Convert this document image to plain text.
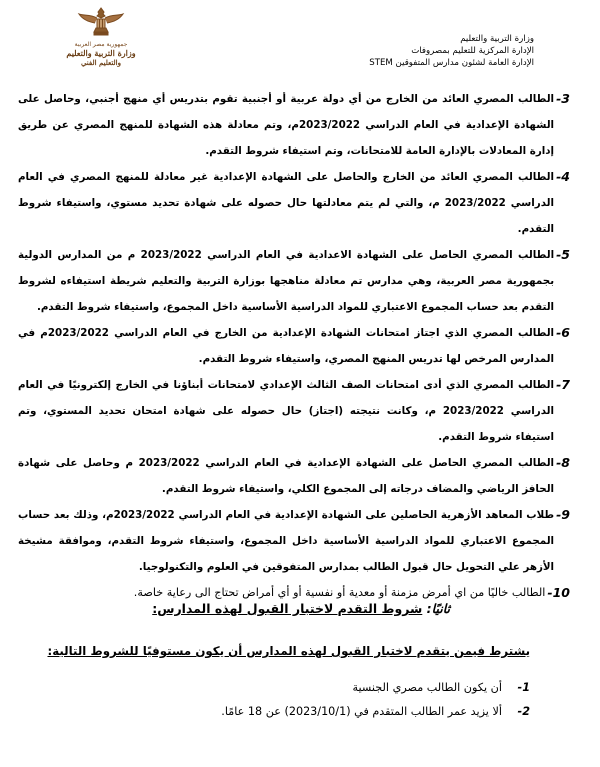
وزارة التربية والتعليم
الإدارة المركزية للتعليم بمصروفات
الإدارة العامة لشئون مدارس المتفوقين STEM
جمهورية مصر العربية
وزارة التربية والتعليم
والتعليم الفني
3-
الطالب المصري العائد من الخارج من أي دولة عربية أو أجنبية تقوم بتدريس أي منهج أجنبي، وحاصل على الشهادة الإعدادية في العام الدراسي 2023/2022م، وتم معادلة هذه الشهادة للمنهج المصري عن طريق إدارة المعادلات بالإدارة العامة للامتحانات، وتم استيفاء شروط التقدم.
4-
الطالب المصري العائد من الخارج والحاصل على الشهادة الإعدادية غير معادلة للمنهج المصري في العام الدراسي 2023/2022 م، والتي لم يتم معادلتها حال حصوله على شهادة تحديد مستوي، واستيفاء شروط التقدم.
5-
الطالب المصري الحاصل على الشهادة الاعدادية في العام الدراسي 2023/2022 م من المدارس الدولية بجمهورية مصر العربية، وهي مدارس تم معادلة مناهجها بوزارة التربية والتعليم شريطة استيفاءه لشروط التقدم بعد حساب المجموع الاعتباري للمواد الدراسية الأساسية داخل المجموع، واستيفاء شروط التقدم.
6-
الطالب المصري الذي اجتاز امتحانات الشهادة الإعدادية من الخارج في العام الدراسي 2023/2022م في المدارس المرخص لها تدريس المنهج المصري، واستيفاء شروط التقدم.
7-
الطالب المصري الذي أدى امتحانات الصف الثالث الإعدادي لامتحانات أبناؤنا في الخارج إلكترونيًا في العام الدراسي 2023/2022 م، وكانت نتيجته (اجتاز) حال حصوله على شهادة امتحان تحديد المستوي، وتم استيفاء شروط التقدم.
8-
الطالب المصري الحاصل على الشهادة الإعدادية في العام الدراسي 2023/2022 م وحاصل على شهادة الحافز الرياضي والمضاف درجاته إلى المجموع الكلي، واستيفاء شروط التقدم.
9-
طلاب المعاهد الأزهرية الحاصلين على الشهادة الإعدادية في العام الدراسي 2023/2022م، وذلك بعد حساب المجموع الاعتباري للمواد الدراسية الأساسية داخل المجموع، واستيفاء شروط التقدم، وموافقة مشيخة الأزهر علي التحويل حال قبول الطالب بمدارس المتفوقين في العلوم والتكنولوجيا.
10-
الطالب خاليًا من اي أمرض مزمنة أو معدية أو نفسية أو أي أمراض تحتاج الى رعاية خاصة.
ثانيًا: شروط التقدم لاختبار القبول لهذه المدارس:
يشترط فيمن يتقدم لاختبار القبول لهذه المدارس أن يكون مستوفيًا للشروط التالية:
1- أن يكون الطالب مصري الجنسية
2- ألا يزيد عمر الطالب المتقدم في (2023/10/1) عن 18 عامًا.
